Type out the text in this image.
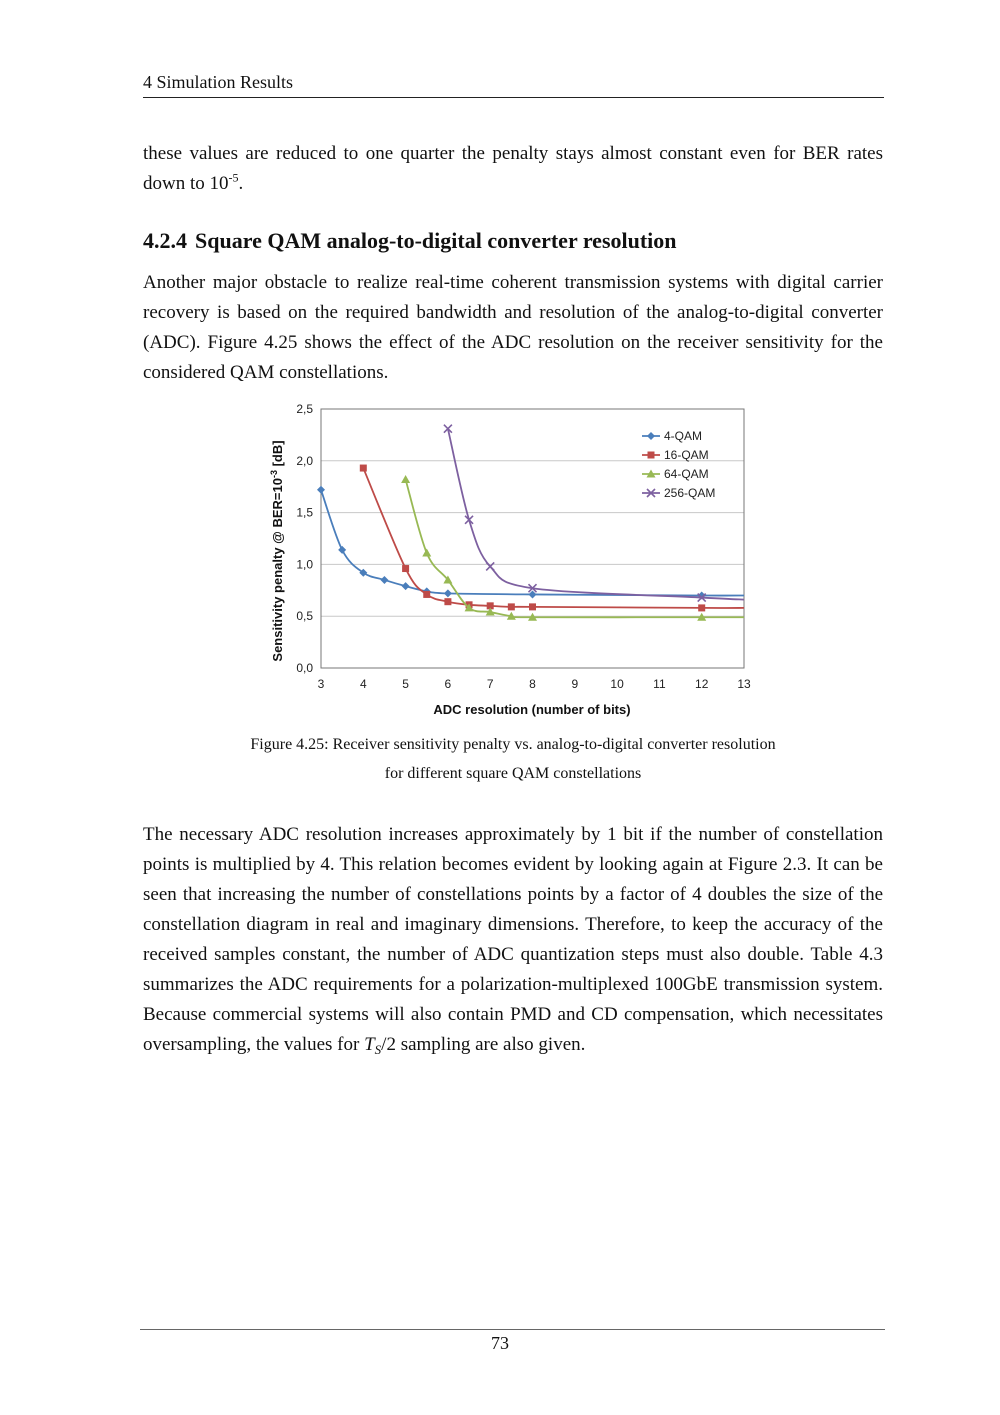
4 Simulation Results

these values are reduced to one quarter the penalty stays almost constant even for BER rates down to $10^{-5}$.

4.2.4 Square QAM analog-to-digital converter resolution

Another major obstacle to realize real-time coherent transmission systems with digital carrier recovery is based on the required bandwidth and resolution of the analog-to-digital converter (ADC). Figure 4.25 shows the effect of the ADC resolution on the receiver sensitivity for the considered QAM constellations.

0,0
0,5
1,0
1,5
2,0
2,5
3	4	5	6	7	8	9	10 11 12 13
4-QAM
16-QAM
64-QAM
256-QAM
ADC resolution (number of bits)
Sensitivity penalty @ $BER=10^{-3}$ [dB]
Figure 4.25: Receiver sensitivity penalty vs. analog-to-digital converter resolution
for different square QAM constellations

The necessary ADC resolution increases approximately by 1 bit if the number of constellation points is multiplied by 4. This relation becomes evident by looking again at Figure 2.3. It can be seen that increasing the number of constellations points by a factor of 4 doubles the size of the constellation diagram in real and imaginary dimensions. Therefore, to keep the accuracy of the received samples constant, the number of ADC quantization steps must also double. Table 4.3 summarizes the ADC requirements for a polarization-multiplexed 100GbE transmission system. Because commercial systems will also contain PMD and CD compensation, which necessitates oversampling, the values for $T_S/2$ sampling are also given.

73
